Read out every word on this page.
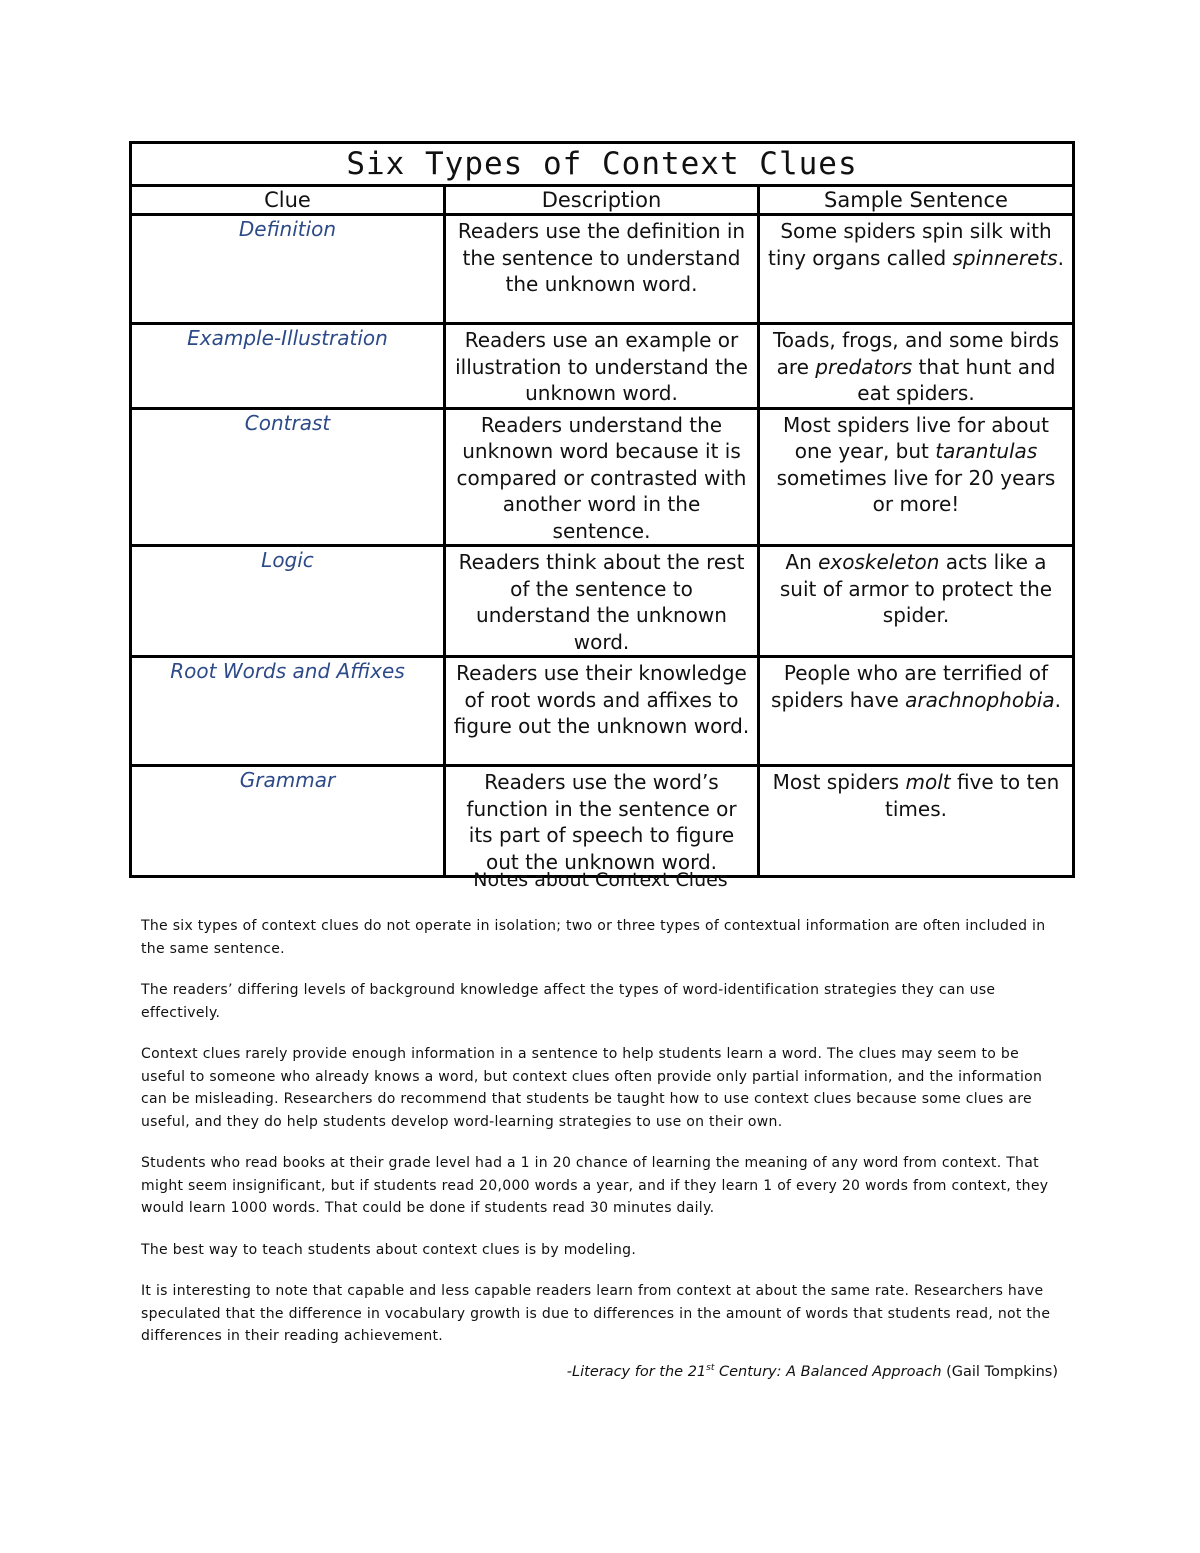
Six Types of Context Clues		
Clue	Description	Sample Sentence
Definition	Readers use the definition in the sentence to understand the unknown word.	Some spiders spin silk with tiny organs called spinnerets.
Example-Illustration	Readers use an example or illustration to understand the unknown word.	Toads, frogs, and some birds are predators that hunt and eat spiders.
Contrast	Readers understand the unknown word because it is compared or contrasted with another word in the sentence.	Most spiders live for about one year, but tarantulas sometimes live for 20 years or more!
Logic	Readers think about the rest of the sentence to understand the unknown word.	An exoskeleton acts like a suit of armor to protect the spider.
Root Words and Affixes	Readers use their knowledge of root words and affixes to figure out the unknown word.	People who are terrified of spiders have arachnophobia.
Grammar	Readers use the word’s function in the sentence or its part of speech to figure out the unknown word.	Most spiders molt five to ten times.
Notes about Context Clues

The six types of context clues do not operate in isolation; two or three types of contextual information are often included in the same sentence.

The readers’ differing levels of background knowledge affect the types of word-identification strategies they can use effectively.

Context clues rarely provide enough information in a sentence to help students learn a word. The clues may seem to be useful to someone who already knows a word, but context clues often provide only partial information, and the information can be misleading. Researchers do recommend that students be taught how to use context clues because some clues are useful, and they do help students develop word-learning strategies to use on their own.

Students who read books at their grade level had a 1 in 20 chance of learning the meaning of any word from context. That might seem insignificant, but if students read 20,000 words a year, and if they learn 1 of every 20 words from context, they would learn 1000 words. That could be done if students read 30 minutes daily.

The best way to teach students about context clues is by modeling.

It is interesting to note that capable and less capable readers learn from context at about the same rate. Researchers have speculated that the difference in vocabulary growth is due to differences in the amount of words that students read, not the differences in their reading achievement.

-Literacy for the 21st Century: A Balanced Approach (Gail Tompkins)
